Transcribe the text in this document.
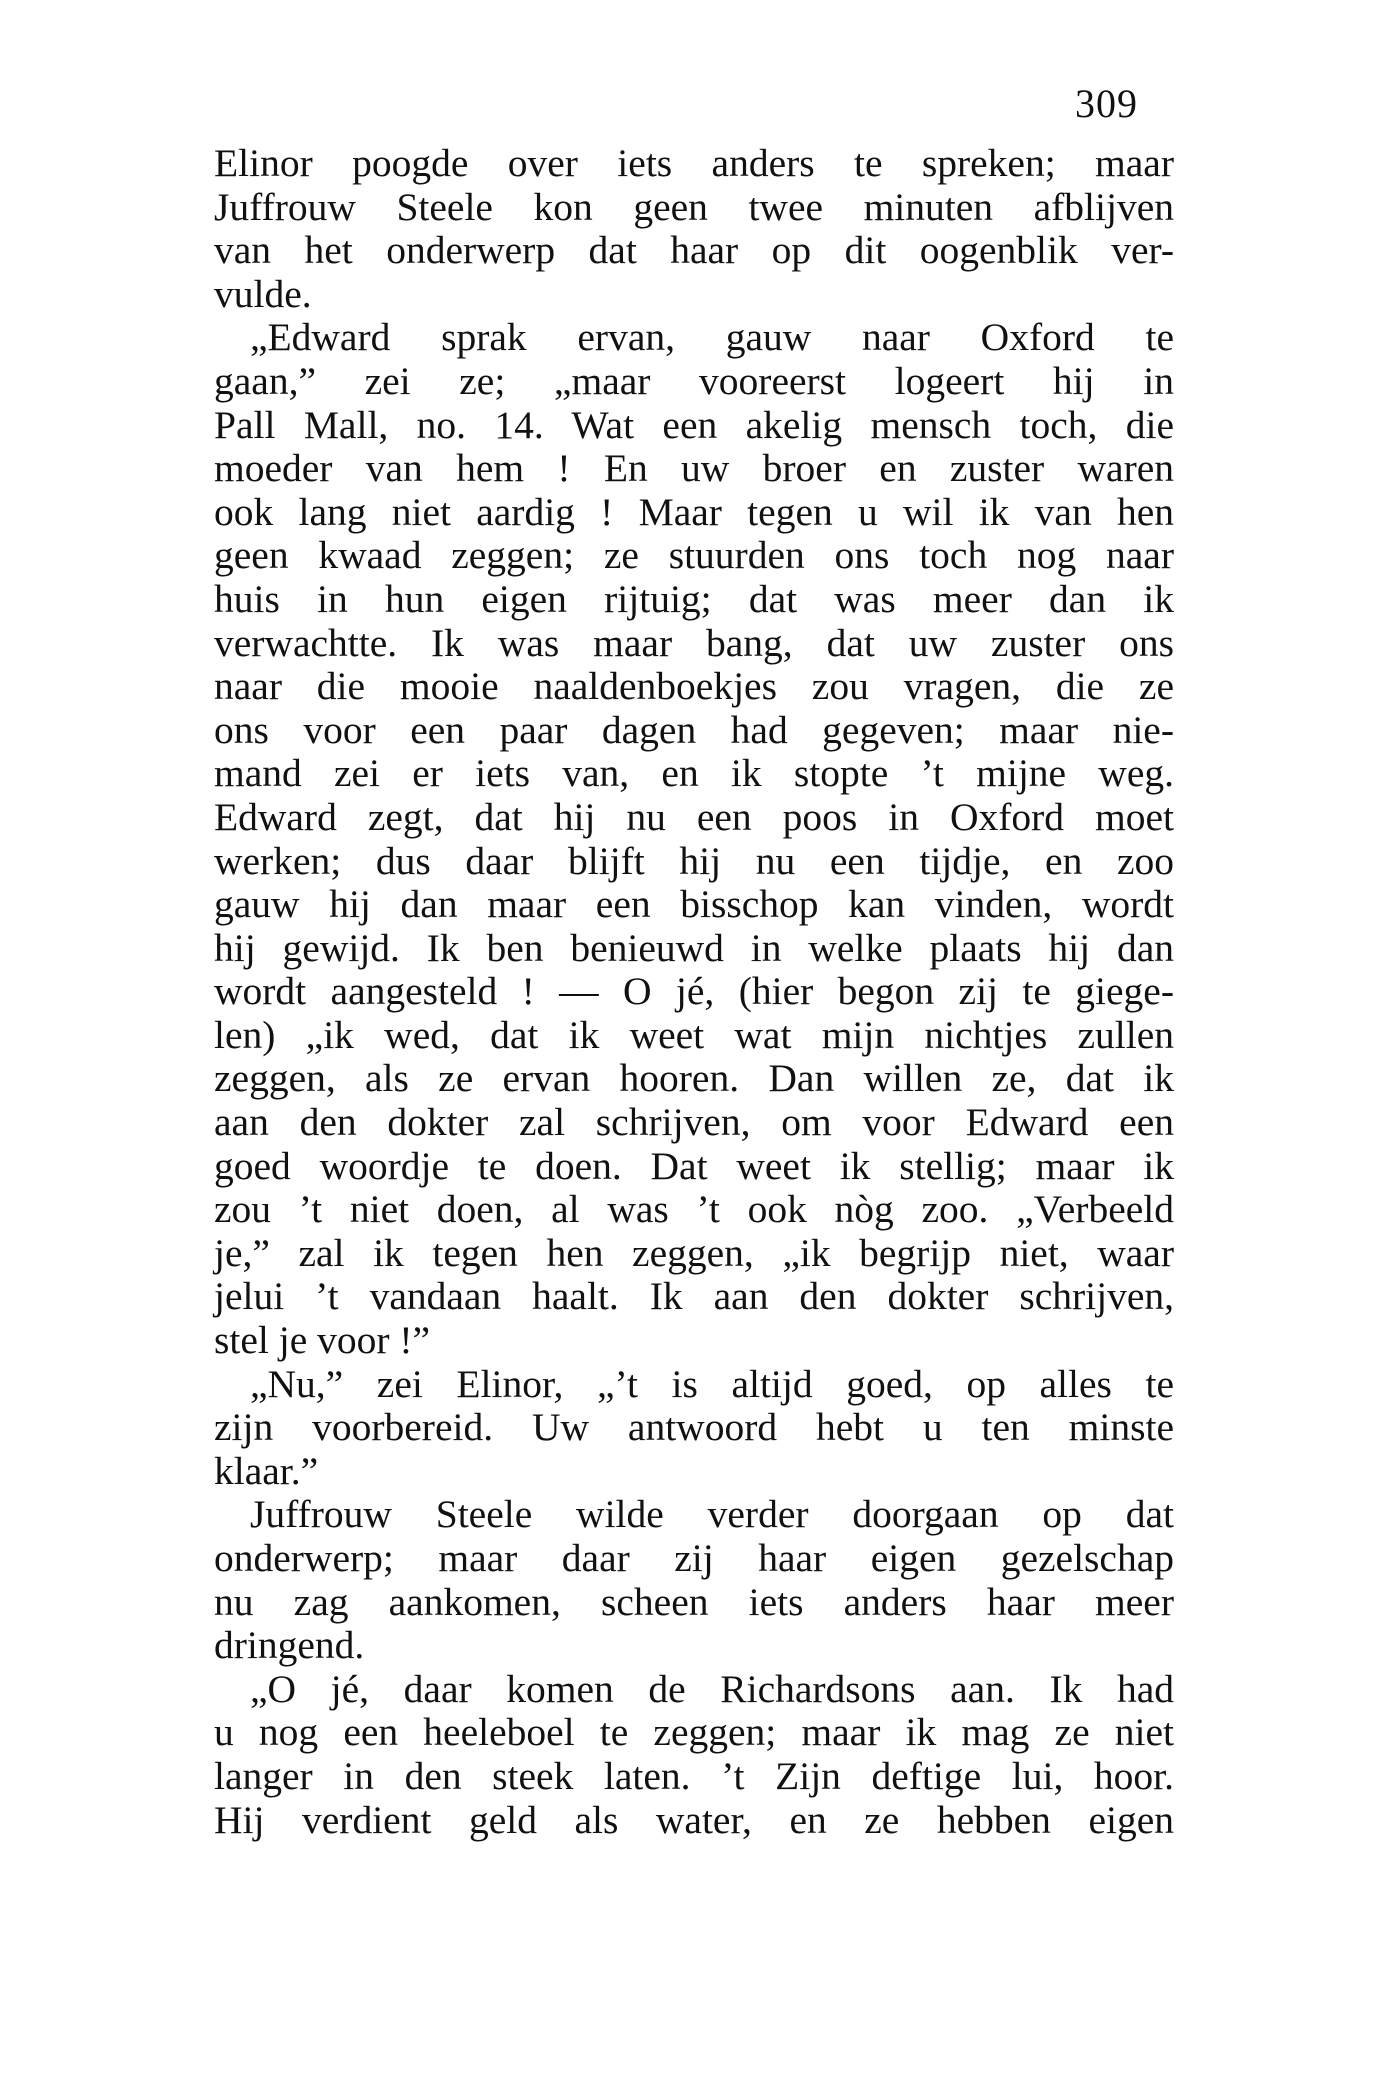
309
Elinor poogde over iets anders te spreken; maar
Juffrouw Steele kon geen twee minuten afblijven
van het onderwerp dat haar op dit oogenblik ver-
vulde.
„Edward sprak ervan, gauw naar Oxford te
gaan,” zei ze; „maar vooreerst logeert hij in
Pall Mall, no. 14. Wat een akelig mensch toch, die
moeder van hem ! En uw broer en zuster waren
ook lang niet aardig ! Maar tegen u wil ik van hen
geen kwaad zeggen; ze stuurden ons toch nog naar
huis in hun eigen rijtuig; dat was meer dan ik
verwachtte. Ik was maar bang, dat uw zuster ons
naar die mooie naaldenboekjes zou vragen, die ze
ons voor een paar dagen had gegeven; maar nie-
mand zei er iets van, en ik stopte ’t mijne weg.
Edward zegt, dat hij nu een poos in Oxford moet
werken; dus daar blijft hij nu een tijdje, en zoo
gauw hij dan maar een bisschop kan vinden, wordt
hij gewijd. Ik ben benieuwd in welke plaats hij dan
wordt aangesteld ! — O jé, (hier begon zij te giege-
len) „ik wed, dat ik weet wat mijn nichtjes zullen
zeggen, als ze ervan hooren. Dan willen ze, dat ik
aan den dokter zal schrijven, om voor Edward een
goed woordje te doen. Dat weet ik stellig; maar ik
zou ’t niet doen, al was ’t ook nòg zoo. „Verbeeld
je,” zal ik tegen hen zeggen, „ik begrijp niet, waar
jelui ’t vandaan haalt. Ik aan den dokter schrijven,
stel je voor !”
„Nu,” zei Elinor, „’t is altijd goed, op alles te
zijn voorbereid. Uw antwoord hebt u ten minste
klaar.”
Juffrouw Steele wilde verder doorgaan op dat
onderwerp; maar daar zij haar eigen gezelschap
nu zag aankomen, scheen iets anders haar meer
dringend.
„O jé, daar komen de Richardsons aan. Ik had
u nog een heeleboel te zeggen; maar ik mag ze niet
langer in den steek laten. ’t Zijn deftige lui, hoor.
Hij verdient geld als water, en ze hebben eigen
